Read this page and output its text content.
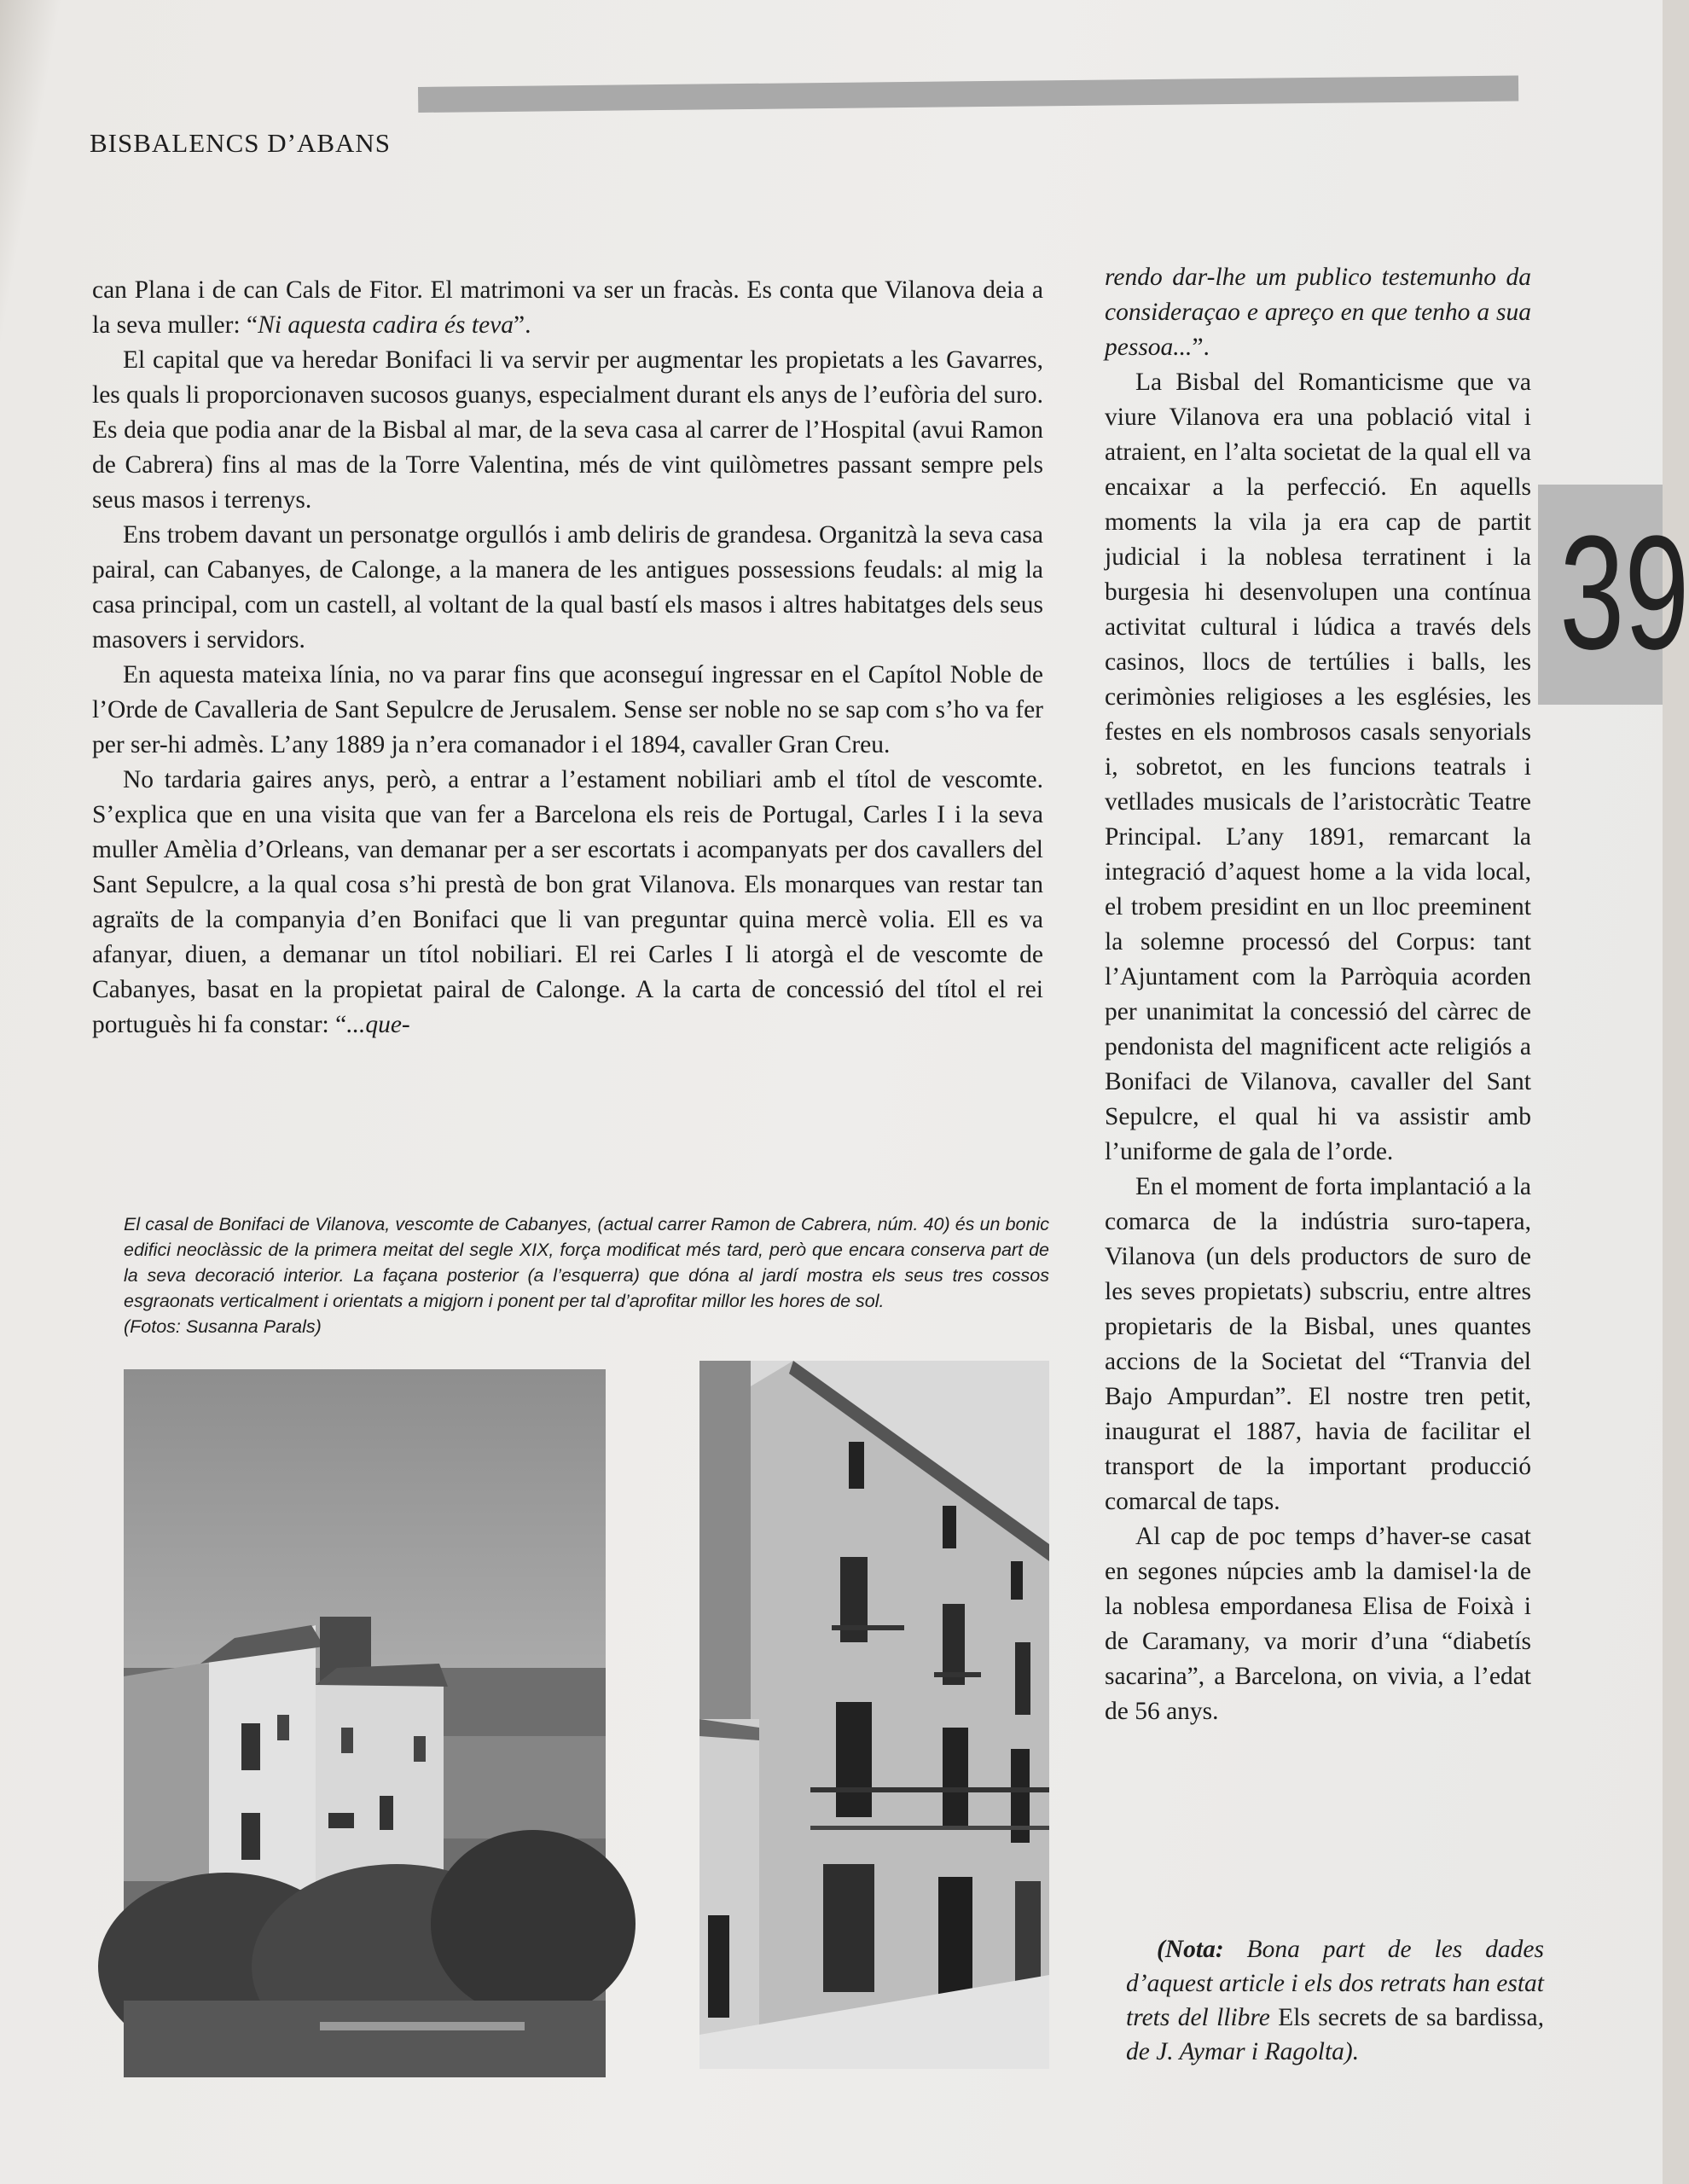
BISBALENCS D’ABANS
39

can Plana i de can Cals de Fitor. El matrimoni va ser un fracàs. Es conta que Vilanova deia a la seva muller: “Ni aquesta cadira és teva”.

El capital que va heredar Bonifaci li va servir per augmentar les propietats a les Gavarres, les quals li proporcionaven sucosos guanys, especialment durant els anys de l’eufòria del suro. Es deia que podia anar de la Bisbal al mar, de la seva casa al carrer de l’Hospital (avui Ramon de Cabrera) fins al mas de la Torre Valentina, més de vint quilòmetres passant sempre pels seus masos i terrenys.

Ens trobem davant un personatge orgullós i amb deliris de grandesa. Organitzà la seva casa pairal, can Cabanyes, de Calonge, a la manera de les antigues possessions feudals: al mig la casa principal, com un castell, al voltant de la qual bastí els masos i altres habitatges dels seus masovers i servidors.

En aquesta mateixa línia, no va parar fins que aconseguí ingressar en el Capítol Noble de l’Orde de Cavalleria de Sant Sepulcre de Jerusalem. Sense ser noble no se sap com s’ho va fer per ser-hi admès. L’any 1889 ja n’era comanador i el 1894, cavaller Gran Creu.

No tardaria gaires anys, però, a entrar a l’estament nobiliari amb el títol de vescomte. S’explica que en una visita que van fer a Barcelona els reis de Portugal, Carles I i la seva muller Amèlia d’Orleans, van demanar per a ser escortats i acompanyats per dos cavallers del Sant Sepulcre, a la qual cosa s’hi prestà de bon grat Vilanova. Els monarques van restar tan agraïts de la companyia d’en Bonifaci que li van preguntar quina mercè volia. Ell es va afanyar, diuen, a demanar un títol nobiliari. El rei Carles I li atorgà el de vescomte de Cabanyes, basat en la propietat pairal de Calonge. A la carta de concessió del títol el rei portuguès hi fa constar: “...que-

rendo dar-lhe um publico testemunho da consideraçao e apreço en que tenho a sua pessoa...”.

La Bisbal del Romanticisme que va viure Vilanova era una població vital i atraient, en l’alta societat de la qual ell va encaixar a la perfecció. En aquells moments la vila ja era cap de partit judicial i la noblesa terratinent i la burgesia hi desenvolupen una contínua activitat cultural i lúdica a través dels casinos, llocs de tertúlies i balls, les cerimònies religioses a les esglésies, les festes en els nombrosos casals senyorials i, sobretot, en les funcions teatrals i vetllades musicals de l’aristocràtic Teatre Principal. L’any 1891, remarcant la integració d’aquest home a la vida local, el trobem presidint en un lloc preeminent la solemne processó del Corpus: tant l’Ajuntament com la Parròquia acorden per unanimitat la concessió del càrrec de pendonista del magnificent acte religiós a Bonifaci de Vilanova, cavaller del Sant Sepulcre, el qual hi va assistir amb l’uniforme de gala de l’orde.

En el moment de forta implantació a la comarca de la indústria suro-tapera, Vilanova (un dels productors de suro de les seves propietats) subscriu, entre altres propietaris de la Bisbal, unes quantes accions de la Societat del “Tranvia del Bajo Ampurdan”. El nostre tren petit, inaugurat el 1887, havia de facilitar el transport de la important producció comarcal de taps.

Al cap de poc temps d’haver-se casat en segones núpcies amb la damisel·la de la noblesa empordanesa Elisa de Foixà i de Caramany, va morir d’una “diabetís sacarina”, a Barcelona, on vivia, a l’edat de 56 anys.

El casal de Bonifaci de Vilanova, vescomte de Cabanyes, (actual carrer Ramon de Cabrera, núm. 40) és un bonic edifici neoclàssic de la primera meitat del segle XIX, força modificat més tard, però que encara conserva part de la seva decoració interior. La façana posterior (a l’esquerra) que dóna al jardí mostra els seus tres cossos esgraonats verticalment i orientats a migjorn i ponent per tal d’aprofitar millor les hores de sol.

(Fotos: Susanna Parals)

(Nota: Bona part de les dades d’aquest article i els dos retrats han estat trets del llibre Els secrets de sa bardissa, de J. Aymar i Ragolta).
